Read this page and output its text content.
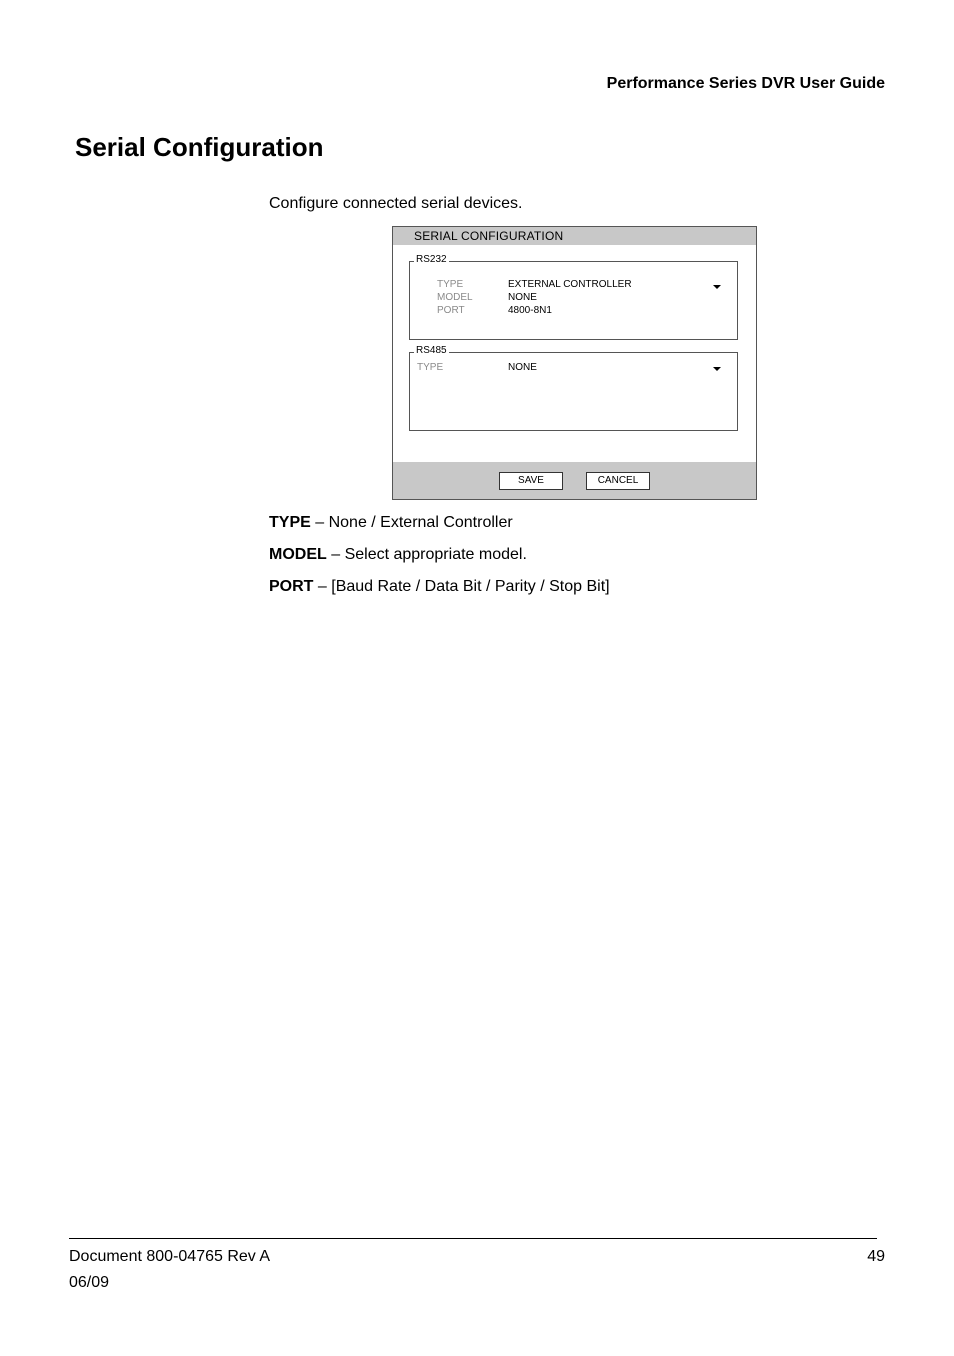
Performance Series DVR User Guide
Serial Configuration
Configure connected serial devices.
SERIAL CONFIGURATION
RS232
TYPE	EXTERNAL CONTROLLER
MODEL	NONE
PORT	4800-8N1
RS485
TYPE	NONE
SAVE	CANCEL
TYPE – None / External Controller
MODEL – Select appropriate model.
PORT – [Baud Rate / Data Bit / Parity / Stop Bit]
Document 800-04765 Rev A
06/09
49
